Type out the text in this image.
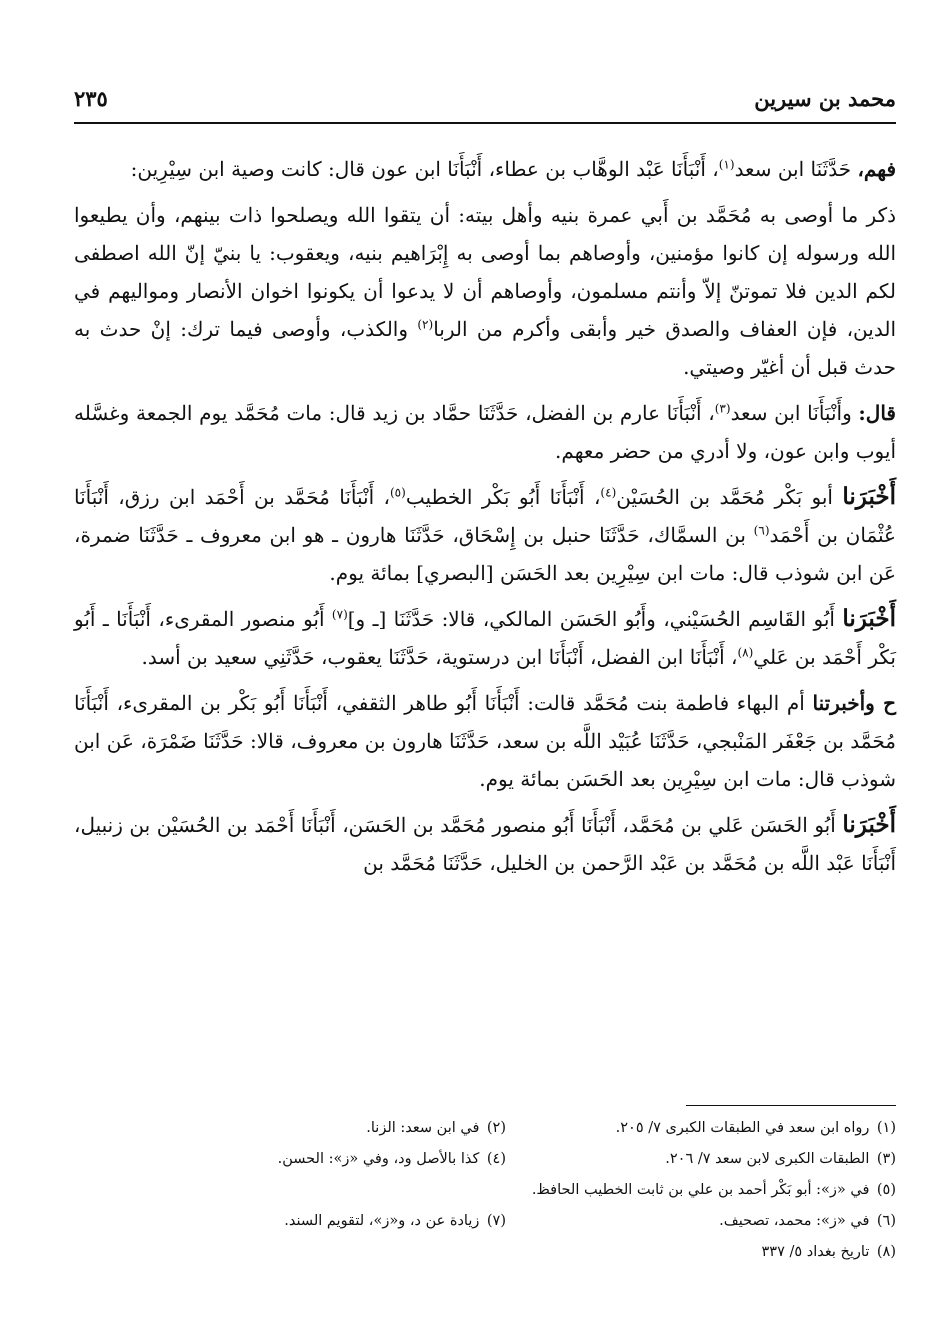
محمد بن سيرين
٢٣٥

فهم، حَدَّثَنَا ابن سعد$^{(١)}$، أَنْبَأَنَا عَبْد الوهَّاب بن عطاء، أَنْبَأَنَا ابن عون قال: كانت وصية ابن سِيْرِين:

ذكر ما أوصى به مُحَمَّد بن أَبي عمرة بنيه وأهل بيته: أن يتقوا الله ويصلحوا ذات بينهم، وأن يطيعوا الله ورسوله إن كانوا مؤمنين، وأوصاهم بما أوصى به إِبْرَاهيم بنيه، ويعقوب: يا بنيّ إنّ الله اصطفى لكم الدين فلا تموتنّ إلاّ وأنتم مسلمون، وأوصاهم أن لا يدعوا أن يكونوا اخوان الأنصار ومواليهم في الدين، فإن العفاف والصدق خير وأبقى وأكرم من الربا$^{(٢)}$ والكذب، وأوصى فيما ترك: إنْ حدث به حدث قبل أن أغيّر وصيتي.

قال: وأَنْبَأَنَا ابن سعد$^{(٣)}$، أَنْبَأَنَا عارم بن الفضل، حَدَّثَنَا حمَّاد بن زيد قال: مات مُحَمَّد يوم الجمعة وغسَّله أيوب وابن عون، ولا أدري من حضر معهم.

أَخْبَرَنا أبو بَكْر مُحَمَّد بن الحُسَيْن$^{(٤)}$، أَنْبَأَنَا أَبُو بَكْر الخطيب$^{(٥)}$، أَنْبَأَنَا مُحَمَّد بن أَحْمَد ابن رزق، أَنْبَأَنَا عُثْمَان بن أَحْمَد$^{(٦)}$ بن السمَّاك، حَدَّثَنَا حنبل بن إِسْحَاق، حَدَّثَنَا هارون ـ هو ابن معروف ـ حَدَّثَنَا ضمرة، عَن ابن شوذب قال: مات ابن سِيْرِين بعد الحَسَن [البصري] بمائة يوم.

أَخْبَرَنا أَبُو القَاسِم الحُسَيْني، وأَبُو الحَسَن المالكي، قالا: حَدَّثَنَا [ـ و]$^{(٧)}$ أَبُو منصور المقرىء، أَنْبَأَنَا ـ أَبُو بَكْر أَحْمَد بن عَلي$^{(٨)}$، أَنْبَأَنَا ابن الفضل، أَنْبَأَنَا ابن درستوية، حَدَّثَنَا يعقوب، حَدَّثَنِي سعيد بن أسد.

ح وأخبرتنا أم البهاء فاطمة بنت مُحَمَّد قالت: أَنْبَأَنَا أَبُو طاهر الثقفي، أَنْبَأَنَا أَبُو بَكْر بن المقرىء، أَنْبَأَنَا مُحَمَّد بن جَعْفَر المَنْبجي، حَدَّثَنَا عُبَيْد اللَّه بن سعد، حَدَّثَنَا هارون بن معروف، قالا: حَدَّثَنَا ضَمْرَة، عَن ابن شوذب قال: مات ابن سِيْرِين بعد الحَسَن بمائة يوم.

أَخْبَرَنا أَبُو الحَسَن عَلي بن مُحَمَّد، أَنْبَأَنَا أَبُو منصور مُحَمَّد بن الحَسَن، أَنْبَأَنَا أَحْمَد بن الحُسَيْن بن زنبيل، أَنْبَأَنَا عَبْد اللَّه بن مُحَمَّد بن عَبْد الرَّحمن بن الخليل، حَدَّثَنَا مُحَمَّد بن

(١) رواه ابن سعد في الطبقات الكبرى ٧/ ٢٠٥.
(٢) في ابن سعد: الزنا.
(٣) الطبقات الكبرى لابن سعد ٧/ ٢٠٦.
(٤) كذا بالأصل ود، وفي «ز»: الحسن.
(٥) في «ز»: أبو بَكْر أحمد بن علي بن ثابت الخطيب الحافظ.
(٦) في «ز»: محمد، تصحيف.
(٧) زيادة عن د، و«ز»، لتقويم السند.
(٨) تاريخ بغداد ٥/ ٣٣٧
